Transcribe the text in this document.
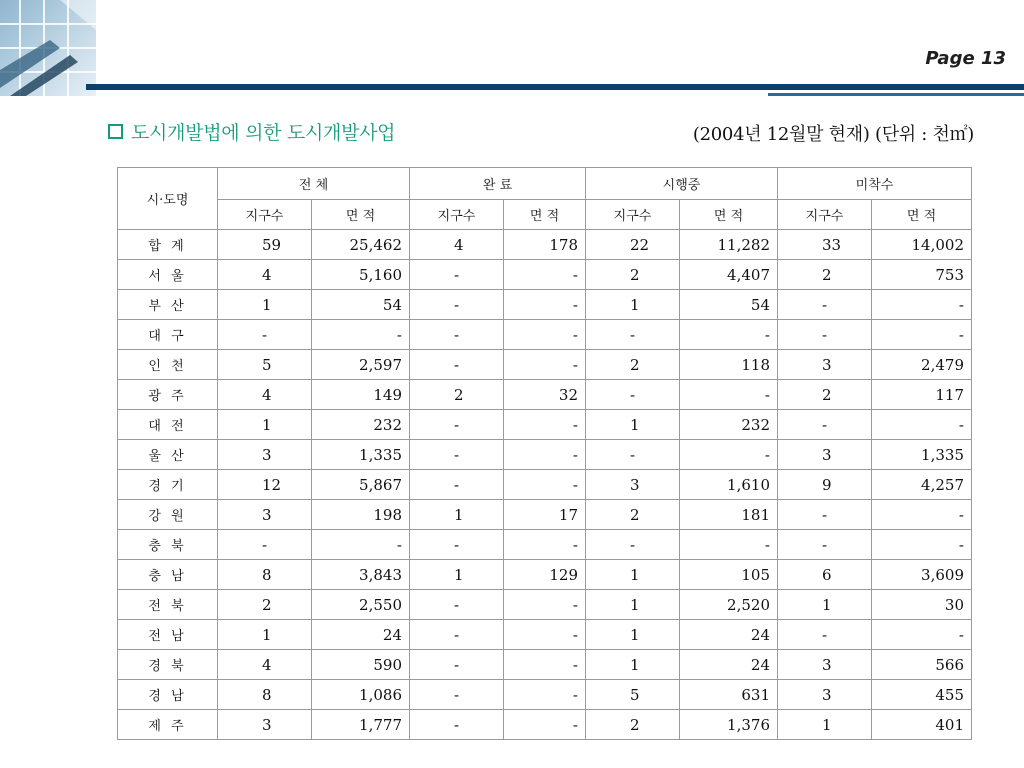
Page 13
도시개발법에 의한 도시개발사업	(2004년 12월말 현재) (단위 : 천㎡)
시·도명	전 체		완 료		시행중		미착수	
	지구수	면 적	지구수	면 적	지구수	면 적	지구수	면 적
합 계	59	25,462	4	178	22	11,282	33	14,002
서 울	4	5,160	-	-	2	4,407	2	753
부 산	1	54	-	-	1	54	-	-
대 구	-	-	-	-	-	-	-	-
인 천	5	2,597	-	-	2	118	3	2,479
광 주	4	149	2	32	-	-	2	117
대 전	1	232	-	-	1	232	-	-
울 산	3	1,335	-	-	-	-	3	1,335
경 기	12	5,867	-	-	3	1,610	9	4,257
강 원	3	198	1	17	2	181	-	-
충 북	-	-	-	-	-	-	-	-
충 남	8	3,843	1	129	1	105	6	3,609
전 북	2	2,550	-	-	1	2,520	1	30
전 남	1	24	-	-	1	24	-	-
경 북	4	590	-	-	1	24	3	566
경 남	8	1,086	-	-	5	631	3	455
제 주	3	1,777	-	-	2	1,376	1	401
